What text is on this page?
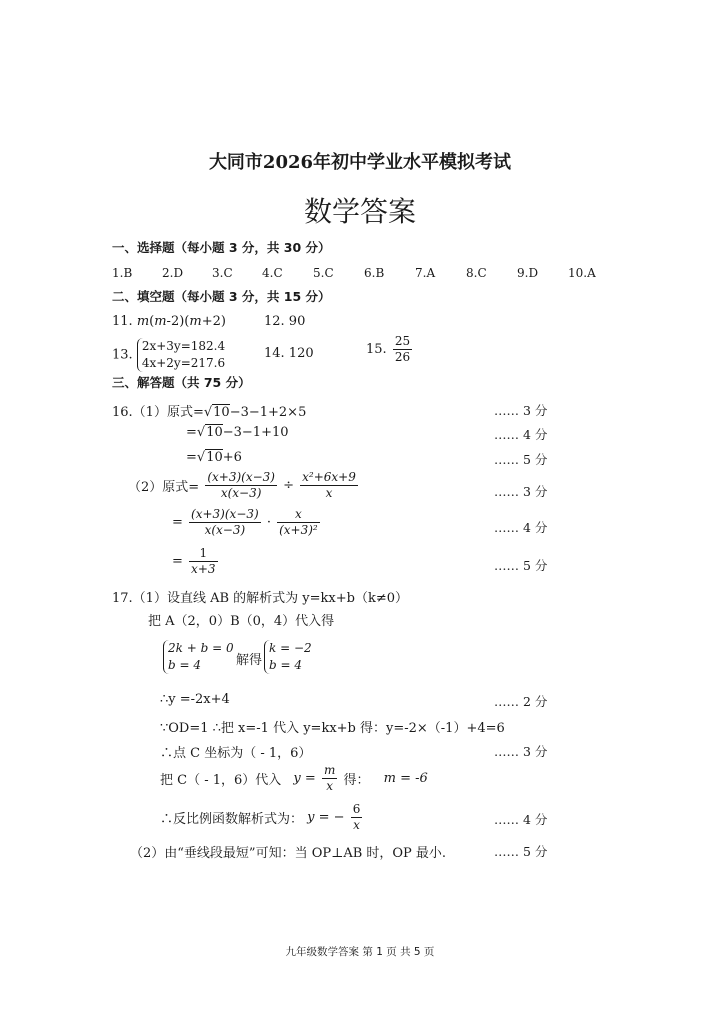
大同市2026年初中学业水平模拟考试
数学答案
一、选择题（每小题 3 分，共 30 分）
1.B 2.D 3.C 4.C	5.C	6.B	7.A	8.C	9.D 10.A
二、填空题（每小题 3 分，共 15 分）
11. m(m-2)(m+2)	12. 90
13.
2x+3y=182.4
4x+2y=217.6
14. 120	15. $\frac{25}{26}$
三、解答题（共 75 分）
16.（1）原式=√10−3−1+2×5	…… 3 分
=√10−3−1+10	…… 4 分
=√10+6	…… 5 分
（2）原式= $\frac{(x+3)(x-3)}{x(x-3)} \div \frac{\text{x²+6x+9}}{x}$	…… 3 分
= $\frac{(x+3)(x-3)}{x(x-3)} \cdot \frac{x}{\text{(x+3)²}}$	…… 4 分
= $\frac{1}{x+3}$	…… 5 分
17.（1）设直线 AB 的解析式为 y=kx+b（k≠0）
把 A（2，0）B（0，4）代入得
2k + b = 0
b = 4	解得
k = −2
b = 4
∴y =-2x+4	…… 2 分
∵OD=1 ∴把 x=-1 代入 y=kx+b 得：y=-2×（-1）+4=6
∴点 C 坐标为（ - 1，6）	…… 3 分
把 C（ - 1，6）代入 $y = \frac{m}{x}$ 得： m = -6
∴反比例函数解析式为： y = − $\frac{6}{x}$	…… 4 分
（2）由“垂线段最短”可知：当 OP⊥AB 时，OP 最小.	…… 5 分
九年级数学答案 第 1 页 共 5 页
